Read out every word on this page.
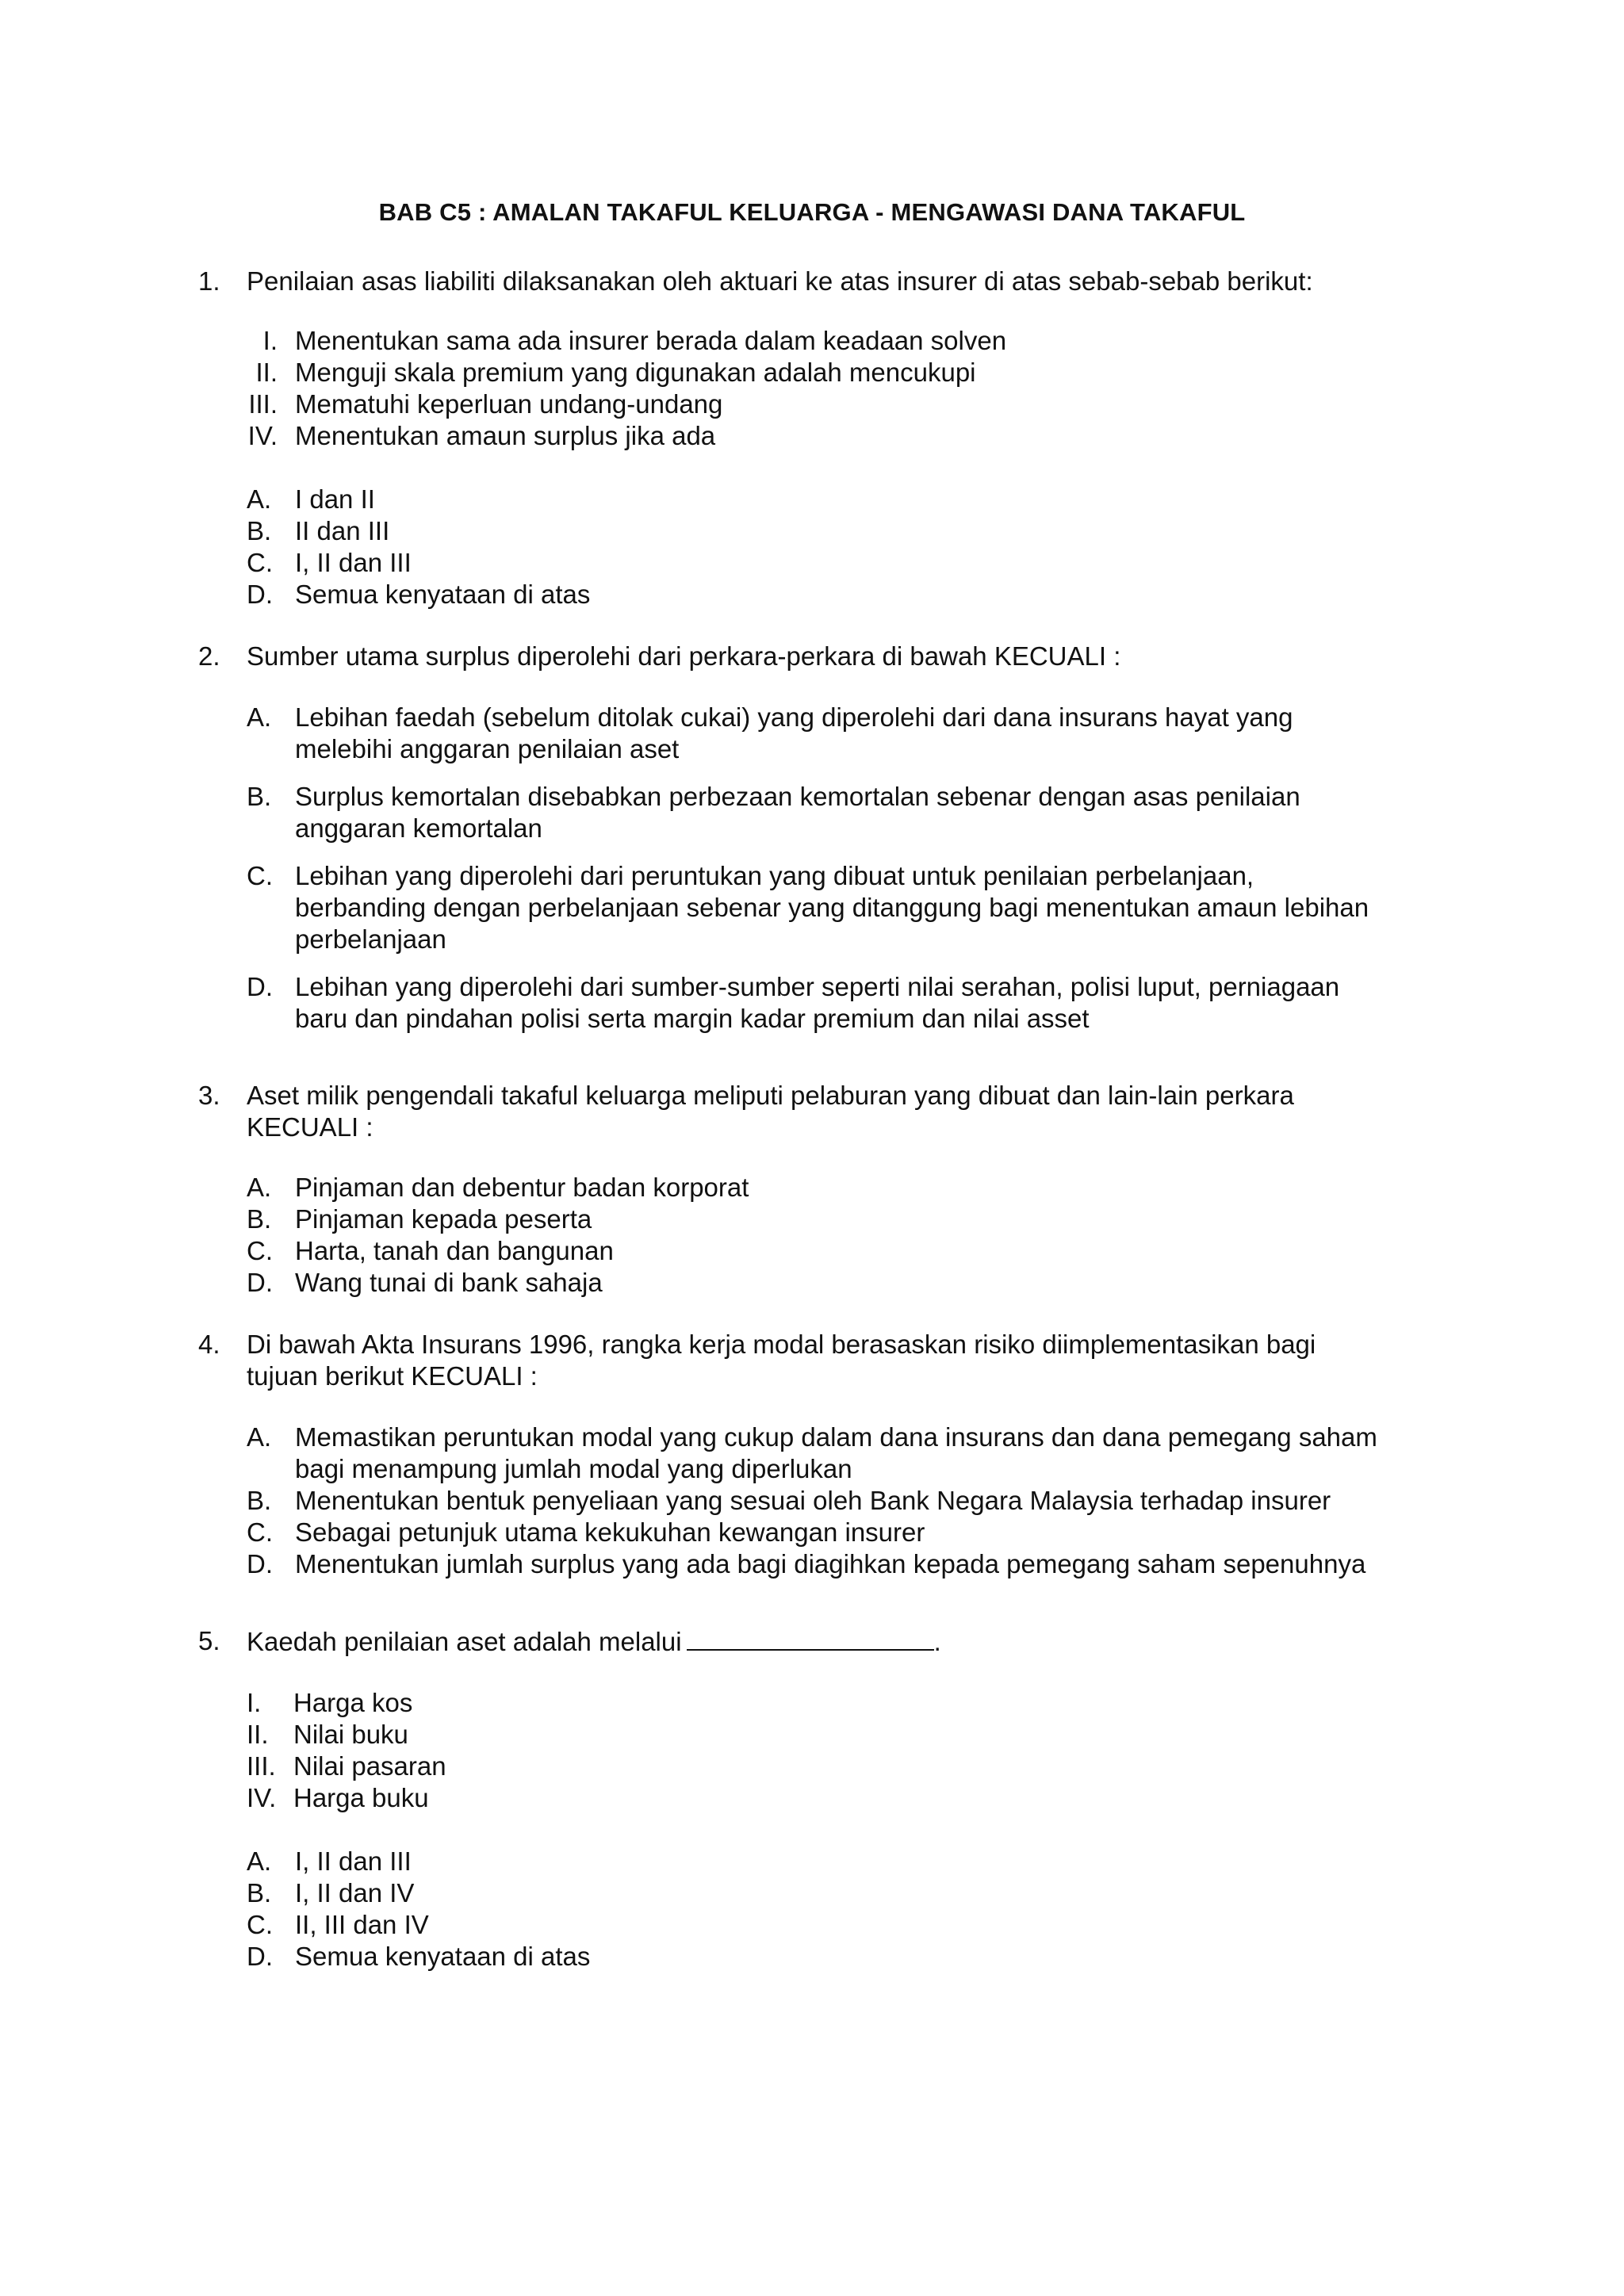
BAB C5 : AMALAN TAKAFUL KELUARGA - MENGAWASI DANA TAKAFUL
1. Penilaian asas liabiliti dilaksanakan oleh aktuari ke atas insurer di atas sebab-sebab berikut:
I. Menentukan sama ada insurer berada dalam keadaan solven
II. Menguji skala premium yang digunakan adalah mencukupi
III. Mematuhi keperluan undang-undang
IV. Menentukan amaun surplus jika ada
A. I dan II
B. II dan III
C. I, II dan III
D. Semua kenyataan di atas
2. Sumber utama surplus diperolehi dari perkara-perkara di bawah KECUALI :
A. Lebihan faedah (sebelum ditolak cukai) yang diperolehi dari dana insurans hayat yang
melebihi anggaran penilaian aset
B. Surplus kemortalan disebabkan perbezaan kemortalan sebenar dengan asas penilaian
anggaran kemortalan
C. Lebihan yang diperolehi dari peruntukan yang dibuat untuk penilaian perbelanjaan,
berbanding dengan perbelanjaan sebenar yang ditanggung bagi menentukan amaun lebihan
perbelanjaan
D. Lebihan yang diperolehi dari sumber-sumber seperti nilai serahan, polisi luput, perniagaan
baru dan pindahan polisi serta margin kadar premium dan nilai asset
3. Aset milik pengendali takaful keluarga meliputi pelaburan yang dibuat dan lain-lain perkara
KECUALI :
A. Pinjaman dan debentur badan korporat
B. Pinjaman kepada peserta
C. Harta, tanah dan bangunan
D. Wang tunai di bank sahaja
4. Di bawah Akta Insurans 1996, rangka kerja modal berasaskan risiko diimplementasikan bagi
tujuan berikut KECUALI :
A. Memastikan peruntukan modal yang cukup dalam dana insurans dan dana pemegang saham
bagi menampung jumlah modal yang diperlukan
B. Menentukan bentuk penyeliaan yang sesuai oleh Bank Negara Malaysia terhadap insurer
C. Sebagai petunjuk utama kekukuhan kewangan insurer
D. Menentukan jumlah surplus yang ada bagi diagihkan kepada pemegang saham sepenuhnya
5. Kaedah penilaian aset adalah melalui	.
I. Harga kos
II. Nilai buku
III. Nilai pasaran
IV. Harga buku
A. I, II dan III
B. I, II dan IV
C. II, III dan IV
D. Semua kenyataan di atas
